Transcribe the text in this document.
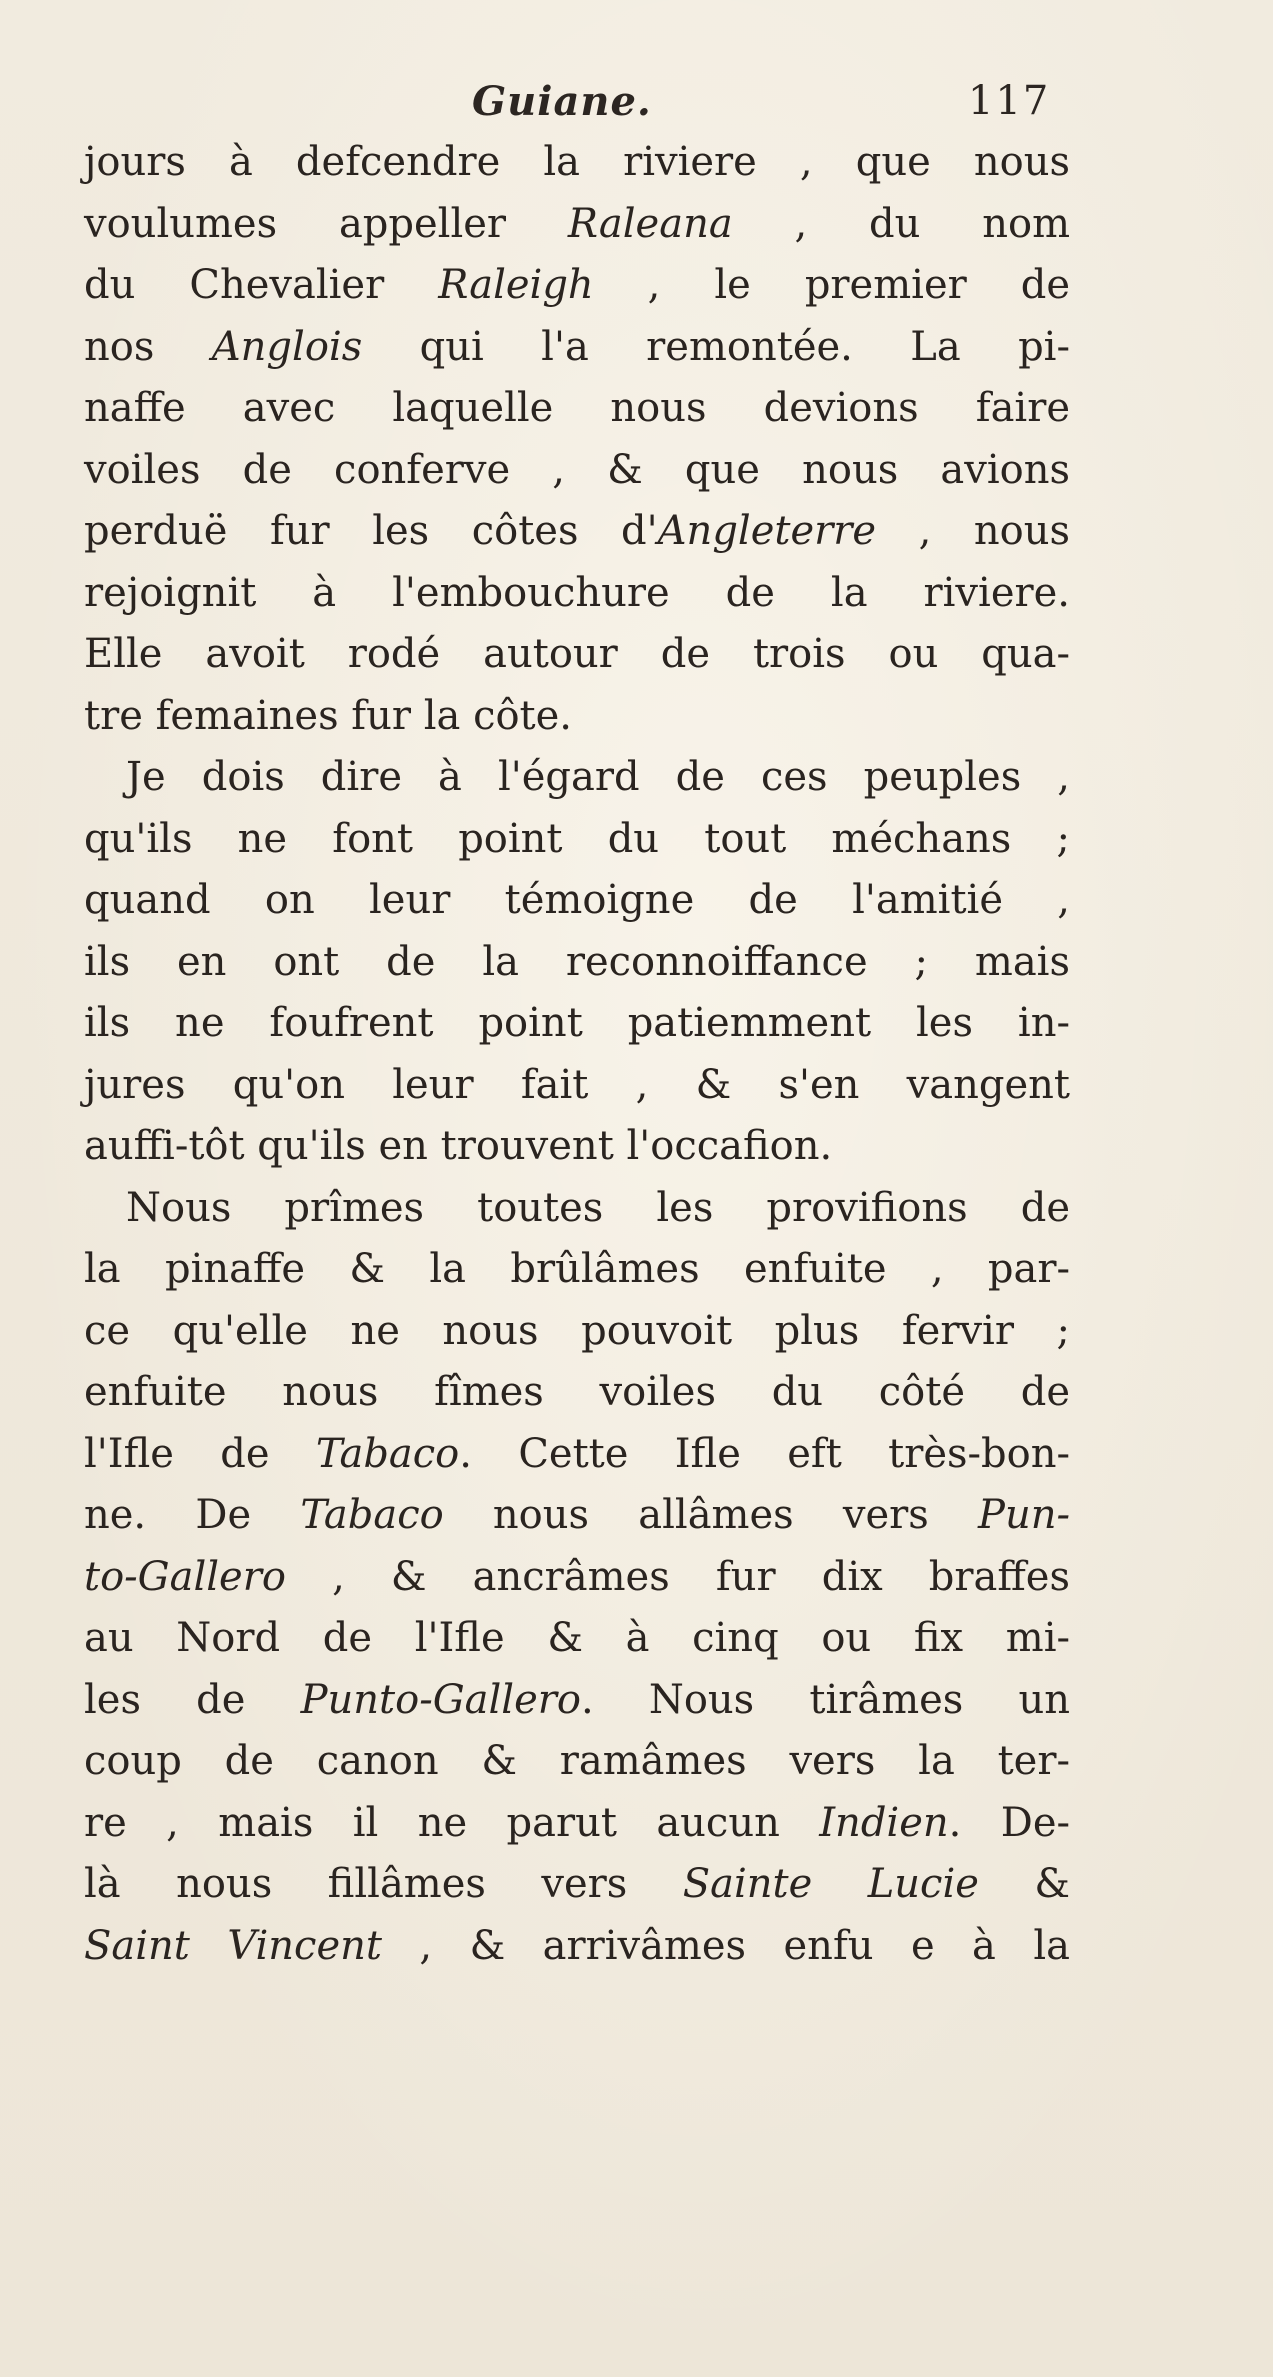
Guiane.	117
jours à defcendre la riviere , que nous
voulumes appeller Raleana , du nom
du Chevalier Raleigh , le premier de
nos Anglois qui l'a remontée. La pi-
naffe avec laquelle nous devions faire
voiles de conferve , & que nous avions
perduë fur les côtes d'Angleterre , nous
rejoignit à l'embouchure de la riviere.
Elle avoit rodé autour de trois ou qua-
tre femaines fur la côte.
Je dois dire à l'égard de ces peuples ,
qu'ils ne font point du tout méchans ;
quand on leur témoigne de l'amitié ,
ils en ont de la reconnoiffance ; mais
ils ne foufrent point patiemment les in-
jures qu'on leur fait , & s'en vangent
auffi-tôt qu'ils en trouvent l'occafion.
Nous prîmes toutes les provifions de
la pinaffe & la brûlâmes enfuite , par-
ce qu'elle ne nous pouvoit plus fervir ;
enfuite nous fîmes voiles du côté de
l'Ifle de Tabaco. Cette Ifle eft très-bon-
ne. De Tabaco nous allâmes vers Pun-
to-Gallero , & ancrâmes fur dix braffes
au Nord de l'Ifle & à cinq ou fix mi-
les de Punto-Gallero. Nous tirâmes un
coup de canon & ramâmes vers la ter-
re , mais il ne parut aucun Indien. De-
là nous fillâmes vers Sainte Lucie &
Saint Vincent , & arrivâmes enfu e à la
